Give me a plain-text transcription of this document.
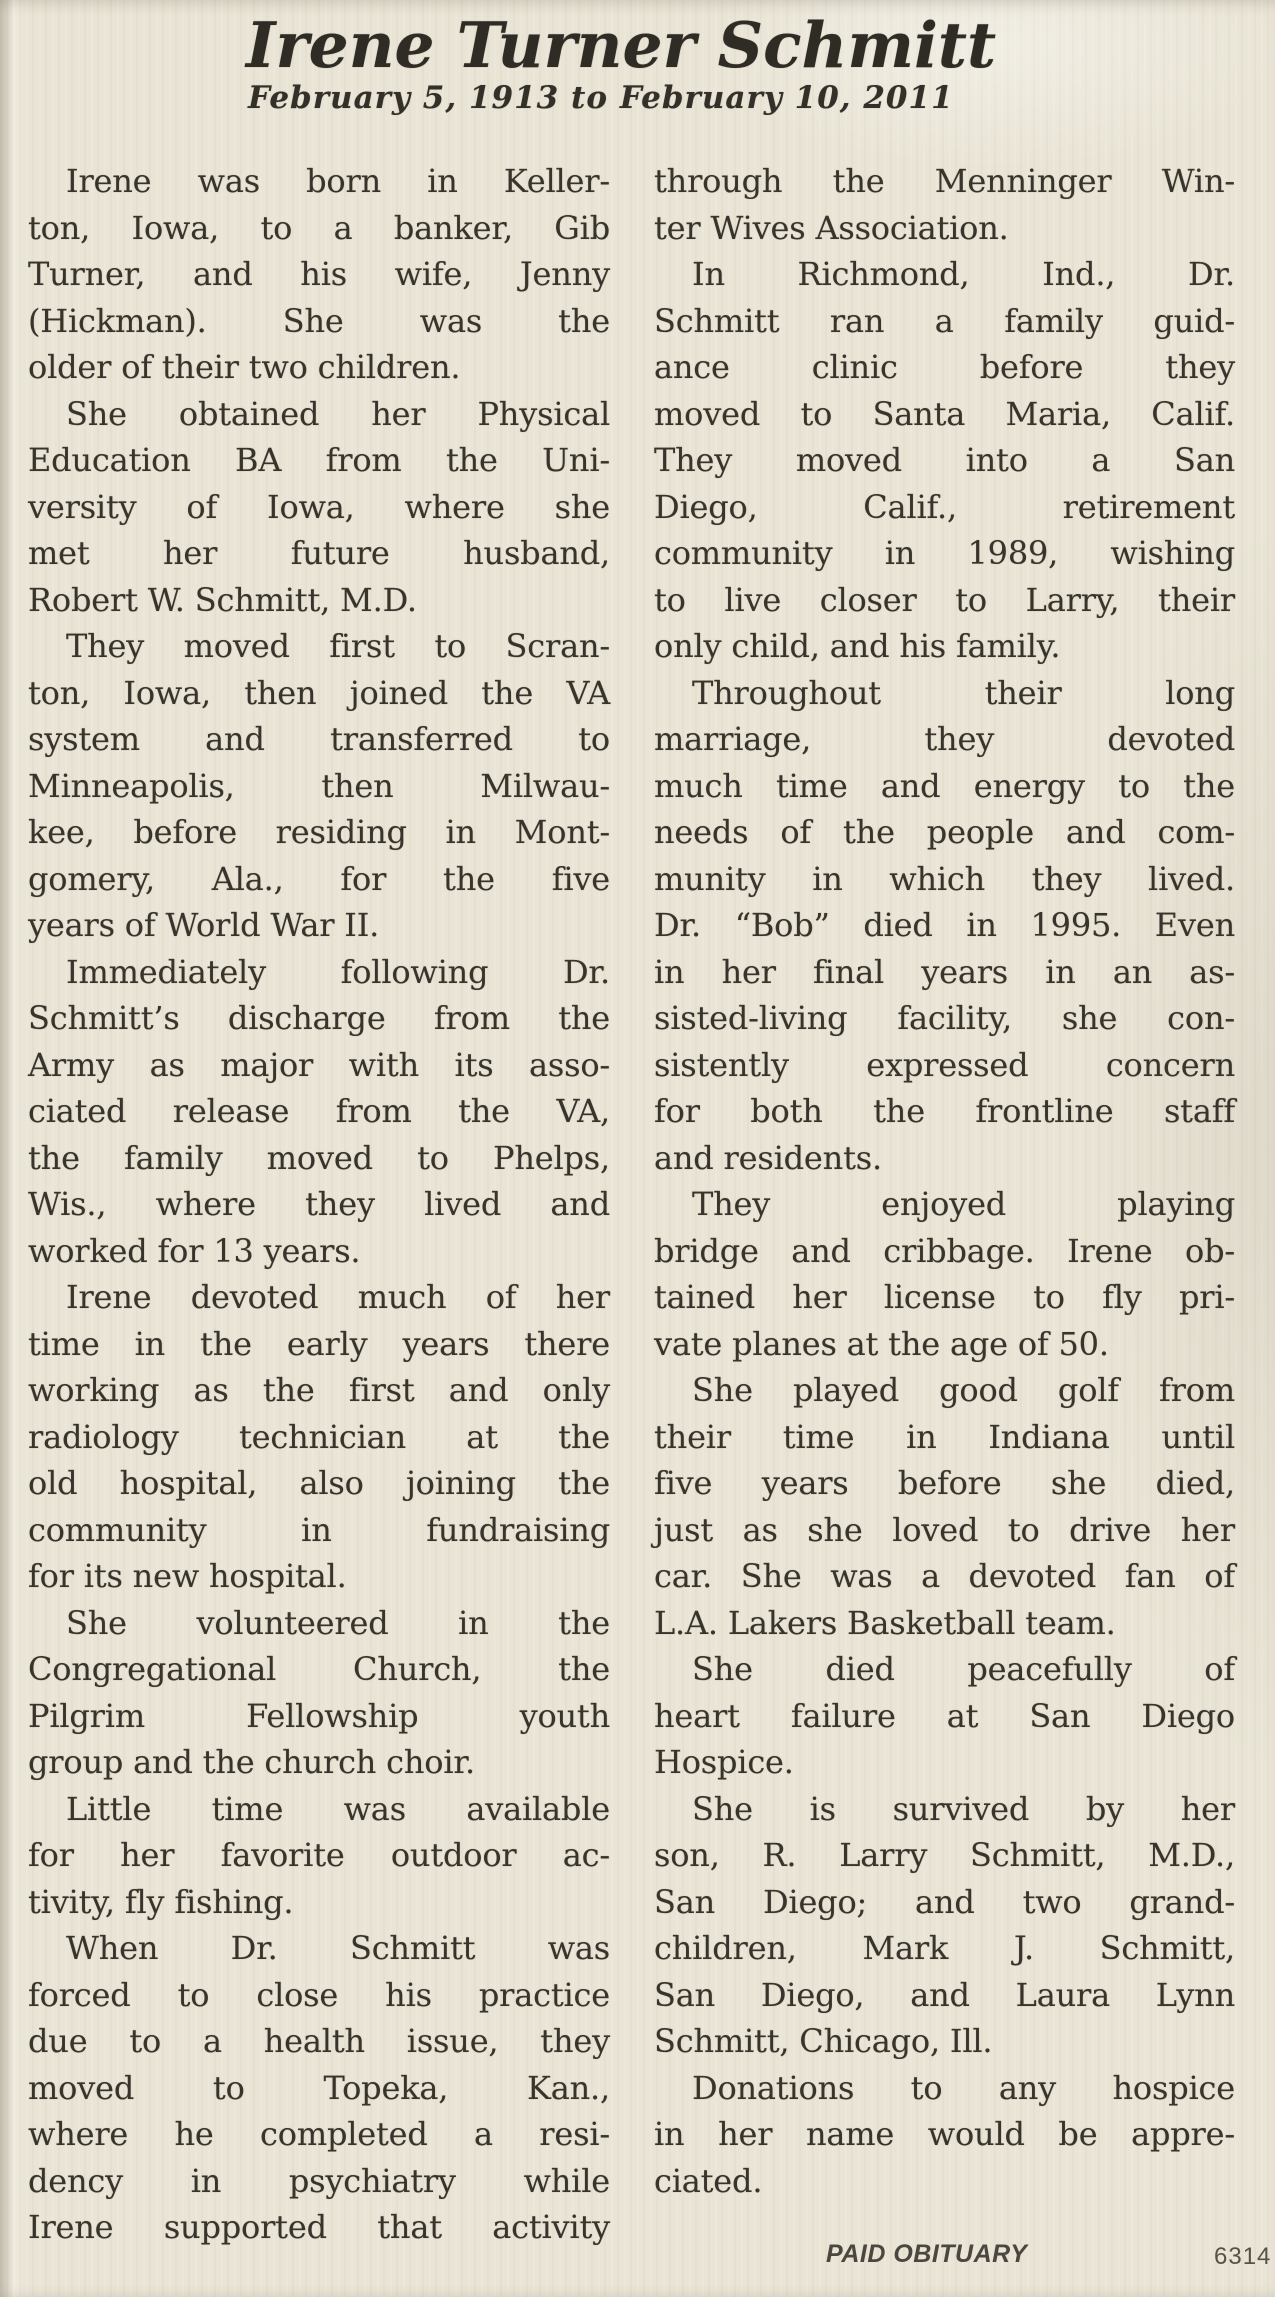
Irene Turner Schmitt
February 5, 1913 to February 10, 2011
Irene was born in Keller-
ton, Iowa, to a banker, Gib
Turner, and his wife, Jenny
(Hickman). She was the
older of their two children.
She obtained her Physical
Education BA from the Uni-
versity of Iowa, where she
met her future husband,
Robert W. Schmitt, M.D.
They moved first to Scran-
ton, Iowa, then joined the VA
system and transferred to
Minneapolis, then Milwau-
kee, before residing in Mont-
gomery, Ala., for the five
years of World War II.
Immediately following Dr.
Schmitt’s discharge from the
Army as major with its asso-
ciated release from the VA,
the family moved to Phelps,
Wis., where they lived and
worked for 13 years.
Irene devoted much of her
time in the early years there
working as the first and only
radiology technician at the
old hospital, also joining the
community in fundraising
for its new hospital.
She volunteered in the
Congregational Church, the
Pilgrim Fellowship youth
group and the church choir.
Little time was available
for her favorite outdoor ac-
tivity, fly fishing.
When Dr. Schmitt was
forced to close his practice
due to a health issue, they
moved to Topeka, Kan.,
where he completed a resi-
dency in psychiatry while
Irene supported that activity
through the Menninger Win-
ter Wives Association.
In Richmond, Ind., Dr.
Schmitt ran a family guid-
ance clinic before they
moved to Santa Maria, Calif.
They moved into a San
Diego, Calif., retirement
community in 1989, wishing
to live closer to Larry, their
only child, and his family.
Throughout their long
marriage, they devoted
much time and energy to the
needs of the people and com-
munity in which they lived.
Dr. “Bob” died in 1995. Even
in her final years in an as-
sisted-living facility, she con-
sistently expressed concern
for both the frontline staff
and residents.
They enjoyed playing
bridge and cribbage. Irene ob-
tained her license to fly pri-
vate planes at the age of 50.
She played good golf from
their time in Indiana until
five years before she died,
just as she loved to drive her
car. She was a devoted fan of
L.A. Lakers Basketball team.
She died peacefully of
heart failure at San Diego
Hospice.
She is survived by her
son, R. Larry Schmitt, M.D.,
San Diego; and two grand-
children, Mark J. Schmitt,
San Diego, and Laura Lynn
Schmitt, Chicago, Ill.
Donations to any hospice
in her name would be appre-
ciated.
PAID OBITUARY	6314
